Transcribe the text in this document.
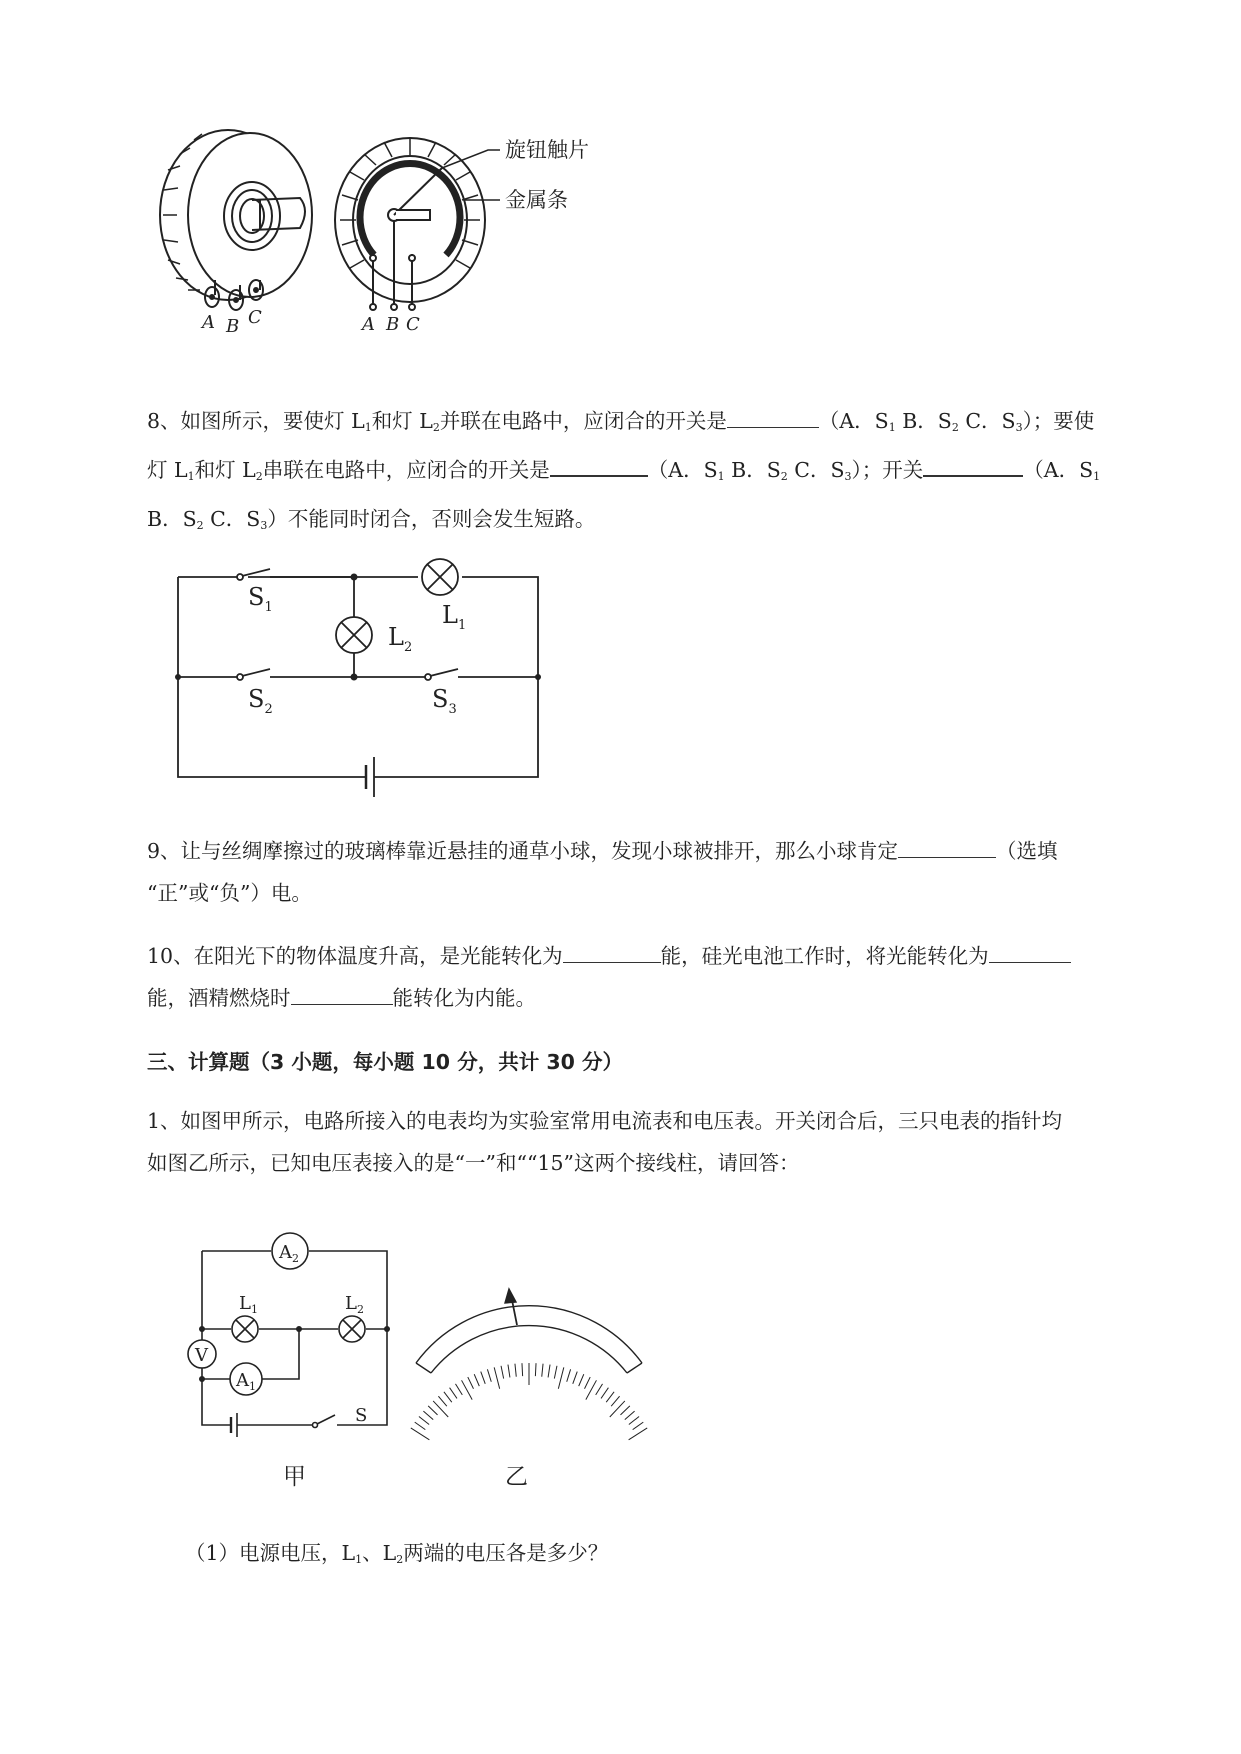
A B C
旋钮触片
金属条
A B C
8、如图所示，要使灯 $L_1$和灯 $L_2$并联在电路中，应闭合的开关是	（A．$S_1$ B．$S_2$ C．$S_3$）；要使
灯 $L_1$和灯 $L_2$串联在电路中，应闭合的开关是	（A．$S_1$ B．$S_2$ C．$S_3$）；开关	（A．$S_1$
B．$S_2$ C．$S_3$）不能同时闭合，否则会发生短路。
$S_1$	$L_1$
$L_2$
$S_2$	$S_3$
9、让与丝绸摩擦过的玻璃棒靠近悬挂的通草小球，发现小球被排开，那么小球肯定	（选填
“正”或“负”）电。
10、在阳光下的物体温度升高，是光能转化为	能，硅光电池工作时，将光能转化为
能，酒精燃烧时	能转化为内能。
三、计算题（3 小题，每小题 10 分，共计 30 分）
1、如图甲所示，电路所接入的电表均为实验室常用电流表和电压表。开关闭合后，三只电表的指针均
如图乙所示，已知电压表接入的是“一”和““15”这两个接线柱，请回答：
$A_2$
V
$A_1$
$L_1$	$L_2$
S
甲	乙
（1）电源电压，$L_1$、$L_2$两端的电压各是多少？
